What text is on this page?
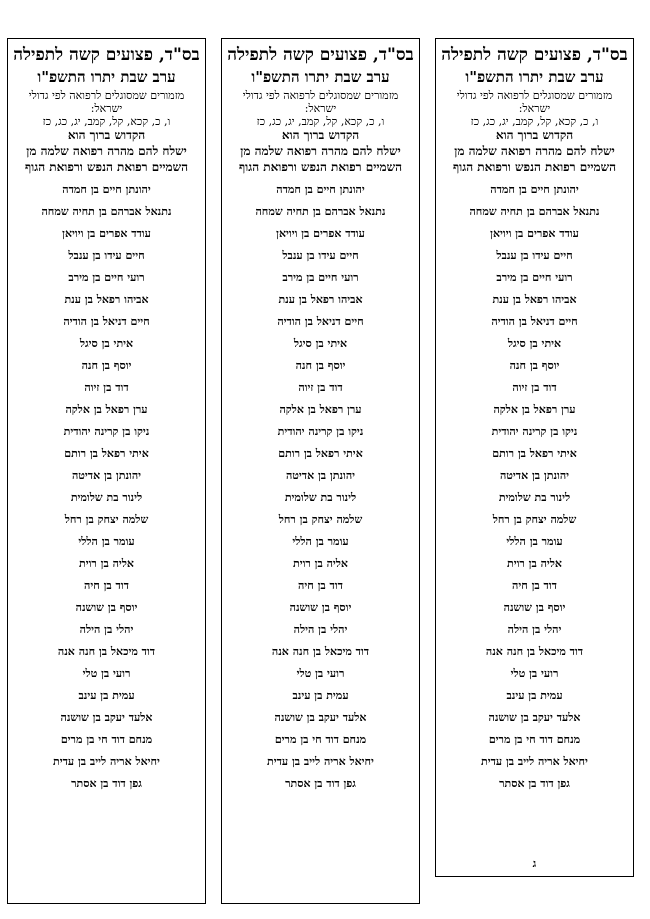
בס"ד, פצועים קשה לתפילה
ערב שבת יתרו התשפ"ו
מזמורים שמסוגלים לרפואה לפי גדולי ישראל:
ו, כ, קכא, קל, קמב, יג, כג, כז
הקדוש ברוך הוא
ישלח להם מהרה רפואה שלמה מן השמיים רפואת הנפש ורפואת הגוף
יהונתן חיים בן חמדה
נתנאל אברהם בן תחיה שמחה
עודד אפרים בן ויויאן
חיים עידו בן ענבל
רועי חיים בן מירב
אביהו רפאל בן ענת
חיים דניאל בן הודיה
איתי בן סיגל
יוסף בן חנה
דוד בן זיוה
ערן רפאל בן אלקה
ניקו בן קרינה יהודית
איתי רפאל בן רותם
יהונתן בן אדיטה
לינור בת שלומית
שלמה יצחק בן רחל
עומר בן הללי
אליה בן רוית
דוד בן חיה
יוסף בן שושנה
יהלי בן הילה
דוד מיכאל בן חנה אנה
רועי בן טלי
עמית בן עינב
אלעד יעקב בן שושנה
מנחם דוד חי בן מרים
יחיאל אריה לייב בן עדית
גפן דוד בן אסתר
ג
בס"ד, פצועים קשה לתפילה
ערב שבת יתרו התשפ"ו
מזמורים שמסוגלים לרפואה לפי גדולי ישראל:
ו, כ, קכא, קל, קמב, יג, כג, כז
הקדוש ברוך הוא
ישלח להם מהרה רפואה שלמה מן השמיים רפואת הנפש ורפואת הגוף
יהונתן חיים בן חמדה
נתנאל אברהם בן תחיה שמחה
עודד אפרים בן ויויאן
חיים עידו בן ענבל
רועי חיים בן מירב
אביהו רפאל בן ענת
חיים דניאל בן הודיה
איתי בן סיגל
יוסף בן חנה
דוד בן זיוה
ערן רפאל בן אלקה
ניקו בן קרינה יהודית
איתי רפאל בן רותם
יהונתן בן אדיטה
לינור בת שלומית
שלמה יצחק בן רחל
עומר בן הללי
אליה בן רוית
דוד בן חיה
יוסף בן שושנה
יהלי בן הילה
דוד מיכאל בן חנה אנה
רועי בן טלי
עמית בן עינב
אלעד יעקב בן שושנה
מנחם דוד חי בן מרים
יחיאל אריה לייב בן עדית
גפן דוד בן אסתר
בס"ד, פצועים קשה לתפילה
ערב שבת יתרו התשפ"ו
מזמורים שמסוגלים לרפואה לפי גדולי ישראל:
ו, כ, קכא, קל, קמב, יג, כג, כז
הקדוש ברוך הוא
ישלח להם מהרה רפואה שלמה מן השמיים רפואת הנפש ורפואת הגוף
יהונתן חיים בן חמדה
נתנאל אברהם בן תחיה שמחה
עודד אפרים בן ויויאן
חיים עידו בן ענבל
רועי חיים בן מירב
אביהו רפאל בן ענת
חיים דניאל בן הודיה
איתי בן סיגל
יוסף בן חנה
דוד בן זיוה
ערן רפאל בן אלקה
ניקו בן קרינה יהודית
איתי רפאל בן רותם
יהונתן בן אדיטה
לינור בת שלומית
שלמה יצחק בן רחל
עומר בן הללי
אליה בן רוית
דוד בן חיה
יוסף בן שושנה
יהלי בן הילה
דוד מיכאל בן חנה אנה
רועי בן טלי
עמית בן עינב
אלעד יעקב בן שושנה
מנחם דוד חי בן מרים
יחיאל אריה לייב בן עדית
גפן דוד בן אסתר
